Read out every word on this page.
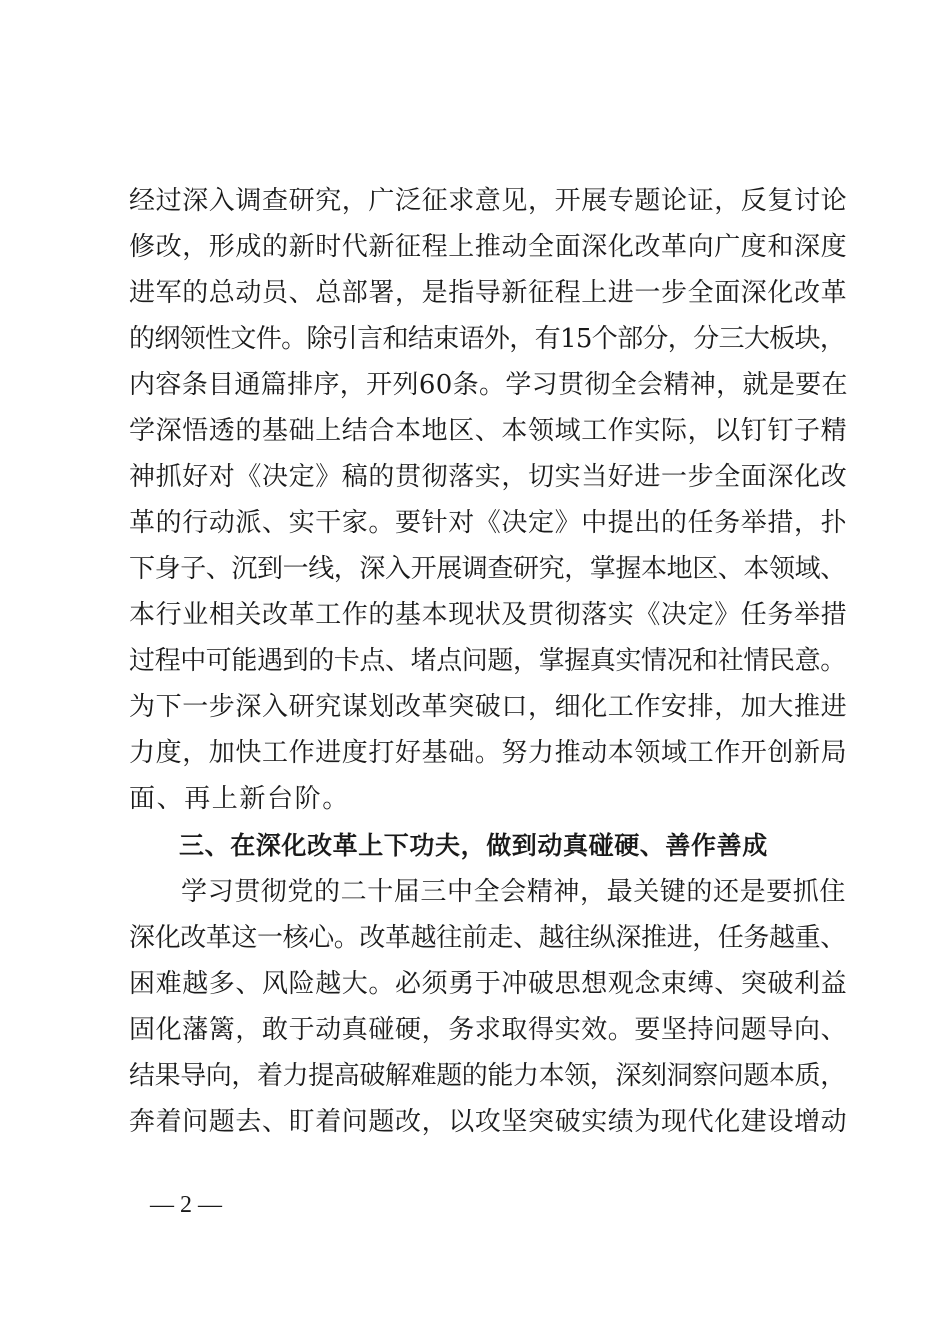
经过深入调查研究，广泛征求意见，开展专题论证，反复讨论
修改，形成的新时代新征程上推动全面深化改革向广度和深度
进军的总动员、总部署，是指导新征程上进一步全面深化改革
的纲领性文件。除引言和结束语外，有15个部分，分三大板块，
内容条目通篇排序，开列60条。学习贯彻全会精神，就是要在
学深悟透的基础上结合本地区、本领域工作实际，以钉钉子精
神抓好对《决定》稿的贯彻落实，切实当好进一步全面深化改
革的行动派、实干家。要针对《决定》中提出的任务举措，扑
下身子、沉到一线，深入开展调查研究，掌握本地区、本领域、
本行业相关改革工作的基本现状及贯彻落实《决定》任务举措
过程中可能遇到的卡点、堵点问题，掌握真实情况和社情民意。
为下一步深入研究谋划改革突破口，细化工作安排，加大推进
力度，加快工作进度打好基础。努力推动本领域工作开创新局
面、再上新台阶。
三、在深化改革上下功夫，做到动真碰硬、善作善成
学习贯彻党的二十届三中全会精神，最关键的还是要抓住
深化改革这一核心。改革越往前走、越往纵深推进，任务越重、
困难越多、风险越大。必须勇于冲破思想观念束缚、突破利益
固化藩篱，敢于动真碰硬，务求取得实效。要坚持问题导向、
结果导向，着力提高破解难题的能力本领，深刻洞察问题本质，
奔着问题去、盯着问题改，以攻坚突破实绩为现代化建设增动
— 2 —
